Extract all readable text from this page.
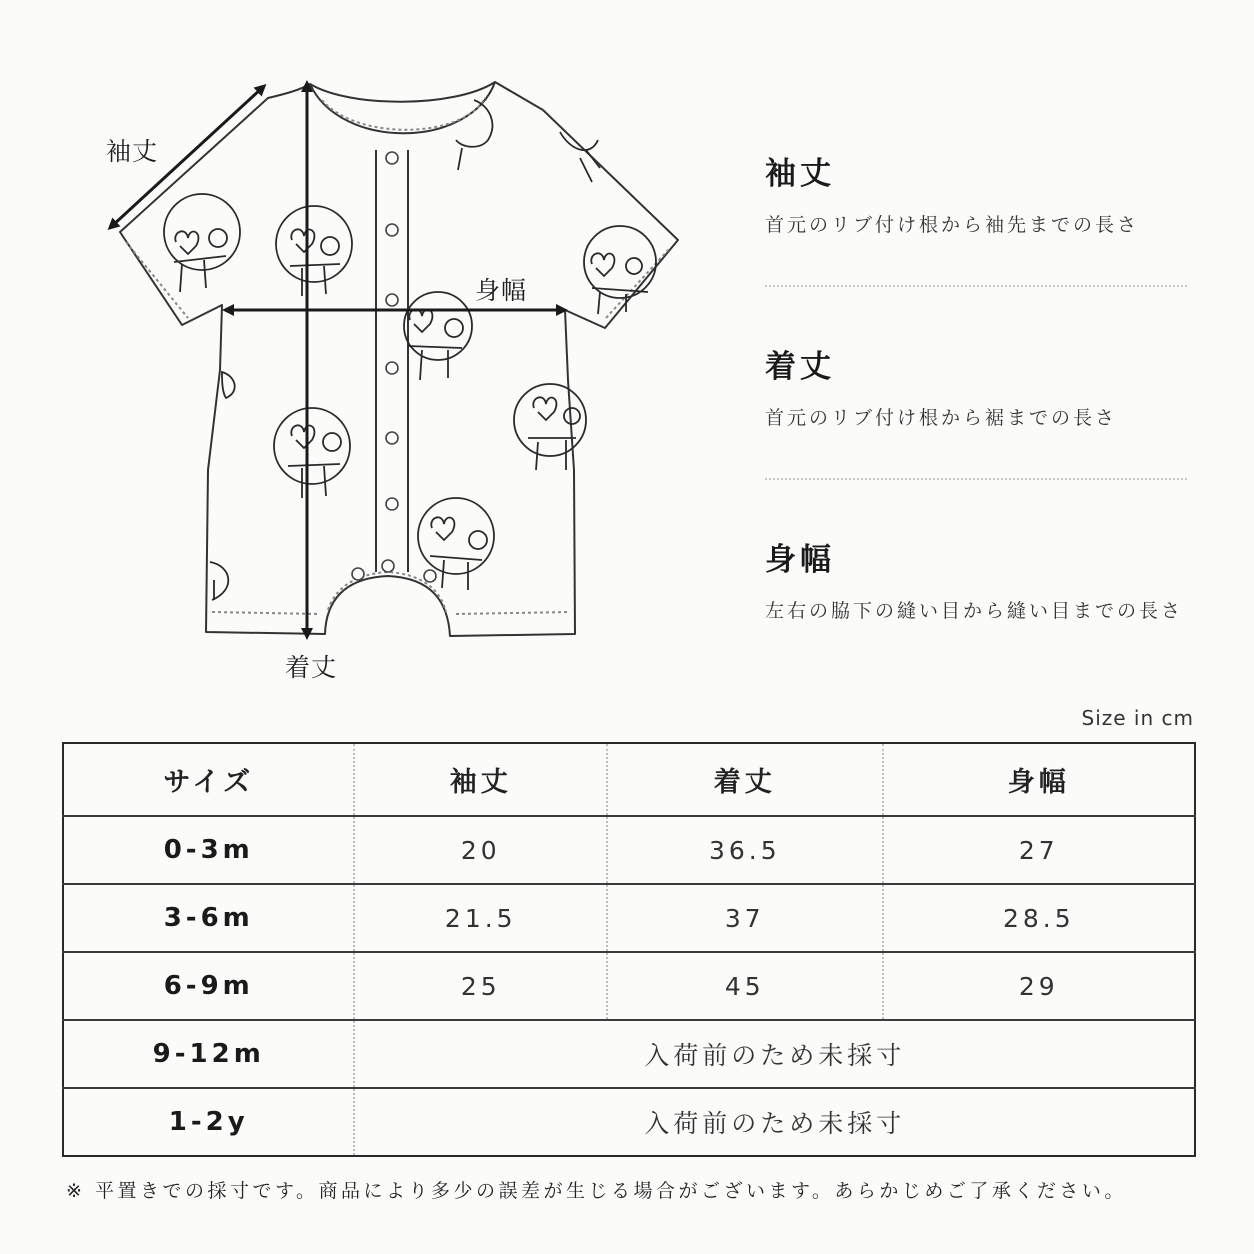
袖丈
身幅
着丈
袖丈
首元のリブ付け根から袖先までの長さ
着丈
首元のリブ付け根から裾までの長さ
身幅
左右の脇下の縫い目から縫い目までの長さ
Size in cm
サイズ	袖丈	着丈	身幅
0-3m	20	36.5	27
3-6m	21.5	37	28.5
6-9m	25	45	29
9-12m	入荷前のため未採寸		
1-2y	入荷前のため未採寸		
※ 平置きでの採寸です。商品により多少の誤差が生じる場合がございます。あらかじめご了承ください。
